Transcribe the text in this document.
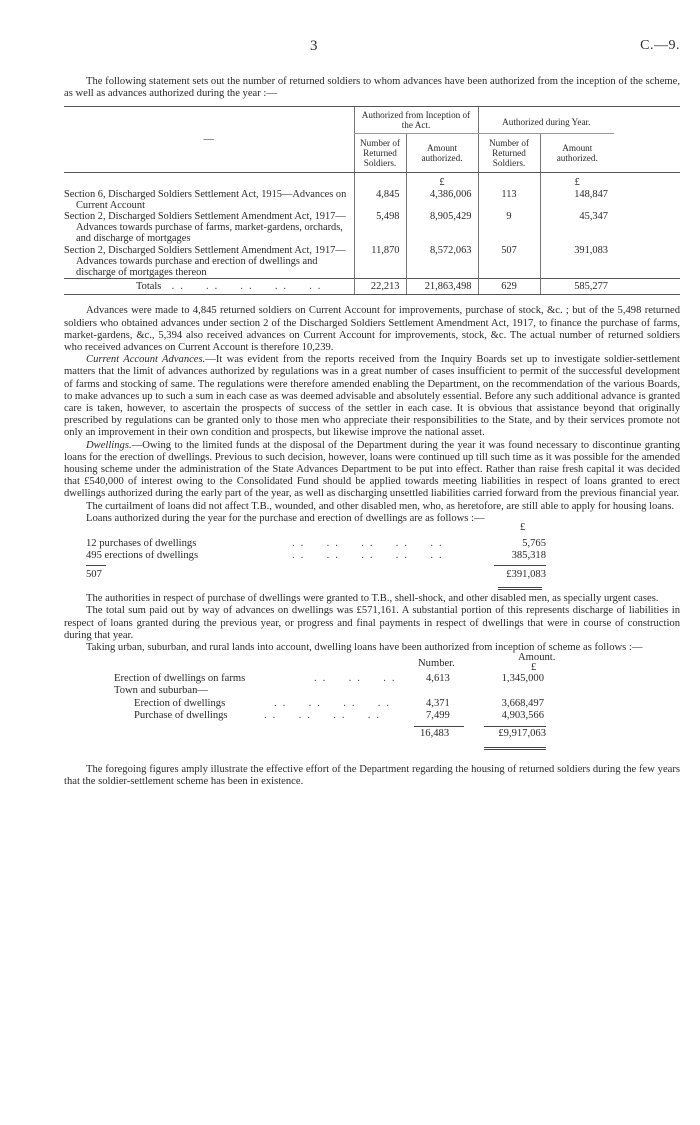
3	C.—9.

The following statement sets out the number of returned soldiers to whom advances have been authorized from the inception of the scheme, as well as advances authorized during the year :—

—	Authorized from Inception of the Act.		Authorized during Year.		
	Number of Returned Soldiers.	Amount authorized.	Number of Returned Soldiers.	Amount authorized.	
		£		£	

Section 6, Discharged Soldiers Settlement Act, 1915—Advances on Current Account	4,845	4,386,006	113	148,847	

Section 2, Discharged Soldiers Settlement Amendment Act, 1917—Advances towards purchase of farms, market-gardens, orchards, and discharge of mortgages	5,498	8,905,429	9	45,347	

Section 2, Discharged Soldiers Settlement Amendment Act, 1917—Advances towards purchase and erection of dwellings and discharge of mortgages thereon	11,870	8,572,063	507	391,083	
Totals ..  ..  ..  ..  ..	22,213	21,863,498	629	585,277	

Advances were made to 4,845 returned soldiers on Current Account for improvements, purchase of stock, &c. ; but of the 5,498 returned soldiers who obtained advances under section 2 of the Discharged Soldiers Settlement Amendment Act, 1917, to finance the purchase of farms, market-gardens, &c., 5,394 also received advances on Current Account for improvements, stock, &c. The actual number of returned soldiers who received advances on Current Account is therefore 10,239.

Current Account Advances.—It was evident from the reports received from the Inquiry Boards set up to investigate soldier-settlement matters that the limit of advances authorized by regulations was in a great number of cases insufficient to permit of the successful development of farms and stocking of same. The regulations were therefore amended enabling the Department, on the recommendation of the various Boards, to make advances up to such a sum in each case as was deemed advisable and absolutely essential. Before any such additional advance is granted care is taken, however, to ascertain the prospects of success of the settler in each case. It is obvious that assistance beyond that originally prescribed by regulations can be granted only to those men who appreciate their responsibilities to the State, and by their services promote not only an improvement in their own condition and prospects, but likewise improve the national asset.

Dwellings.—Owing to the limited funds at the disposal of the Department during the year it was found necessary to discontinue granting loans for the erection of dwellings. Previous to such decision, however, loans were continued up till such time as it was possible for the amended housing scheme under the administration of the State Advances Department to be put into effect. Rather than raise fresh capital it was decided that £540,000 of interest owing to the Consolidated Fund should be applied towards meeting liabilities in respect of loans granted to erect dwellings authorized during the early part of the year, as well as discharging unsettled liabilities carried forward from the previous financial year.

The curtailment of loans did not affect T.B., wounded, and other disabled men, who, as heretofore, are still able to apply for housing loans.

Loans authorized during the year for the purchase and erection of dwellings are as follows :—

£
12 purchases of dwellings	..  ..  ..  ..  ..	5,765
495 erections of dwellings	..  ..  ..  ..  ..	385,318
507	£391,083

The authorities in respect of purchase of dwellings were granted to T.B., shell-shock, and other disabled men, as specially urgent cases.

The total sum paid out by way of advances on dwellings was £571,161. A substantial portion of this represents discharge of liabilities in respect of loans granted during the previous year, or progress and final payments in respect of dwellings that were in course of construction during that year.

Taking urban, suburban, and rural lands into account, dwelling loans have been authorized from inception of scheme as follows :—

Number.
Amount.
£
Erection of dwellings on farms	..  ..  .. 4,613	1,345,000
Town and suburban—
Erection of dwellings	..  ..  ..  ..	4,371	3,668,497
Purchase of dwellings	..  ..  ..  ..	7,499	4,903,566
16,483	£9,917,063

The foregoing figures amply illustrate the effective effort of the Department regarding the housing of returned soldiers during the few years that the soldier-settlement scheme has been in existence.
